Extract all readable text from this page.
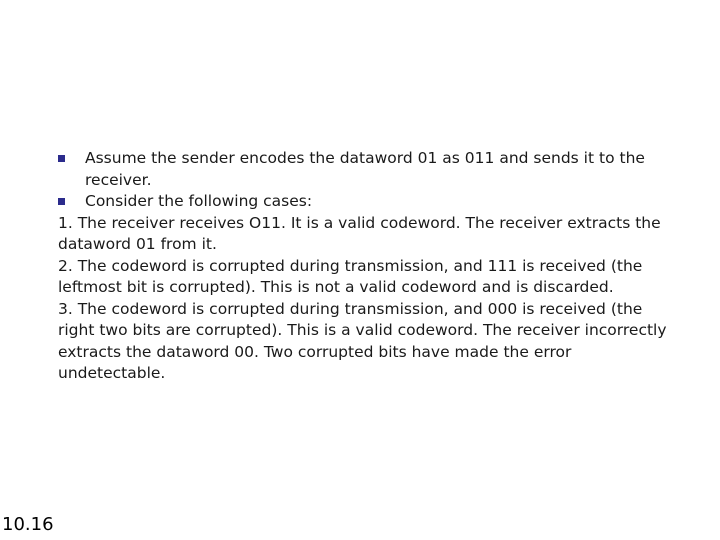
Assume the sender encodes the dataword 01 as 011 and sends it to the receiver.
Consider the following cases:

1. The receiver receives O11. It is a valid codeword. The receiver extracts the dataword 01 from it.

2. The codeword is corrupted during transmission, and 111 is received (the leftmost bit is corrupted). This is not a valid codeword and is discarded.

3. The codeword is corrupted during transmission, and 000 is received (the right two bits are corrupted). This is a valid codeword. The receiver incorrectly extracts the dataword 00. Two corrupted bits have made the error undetectable.

10.16
